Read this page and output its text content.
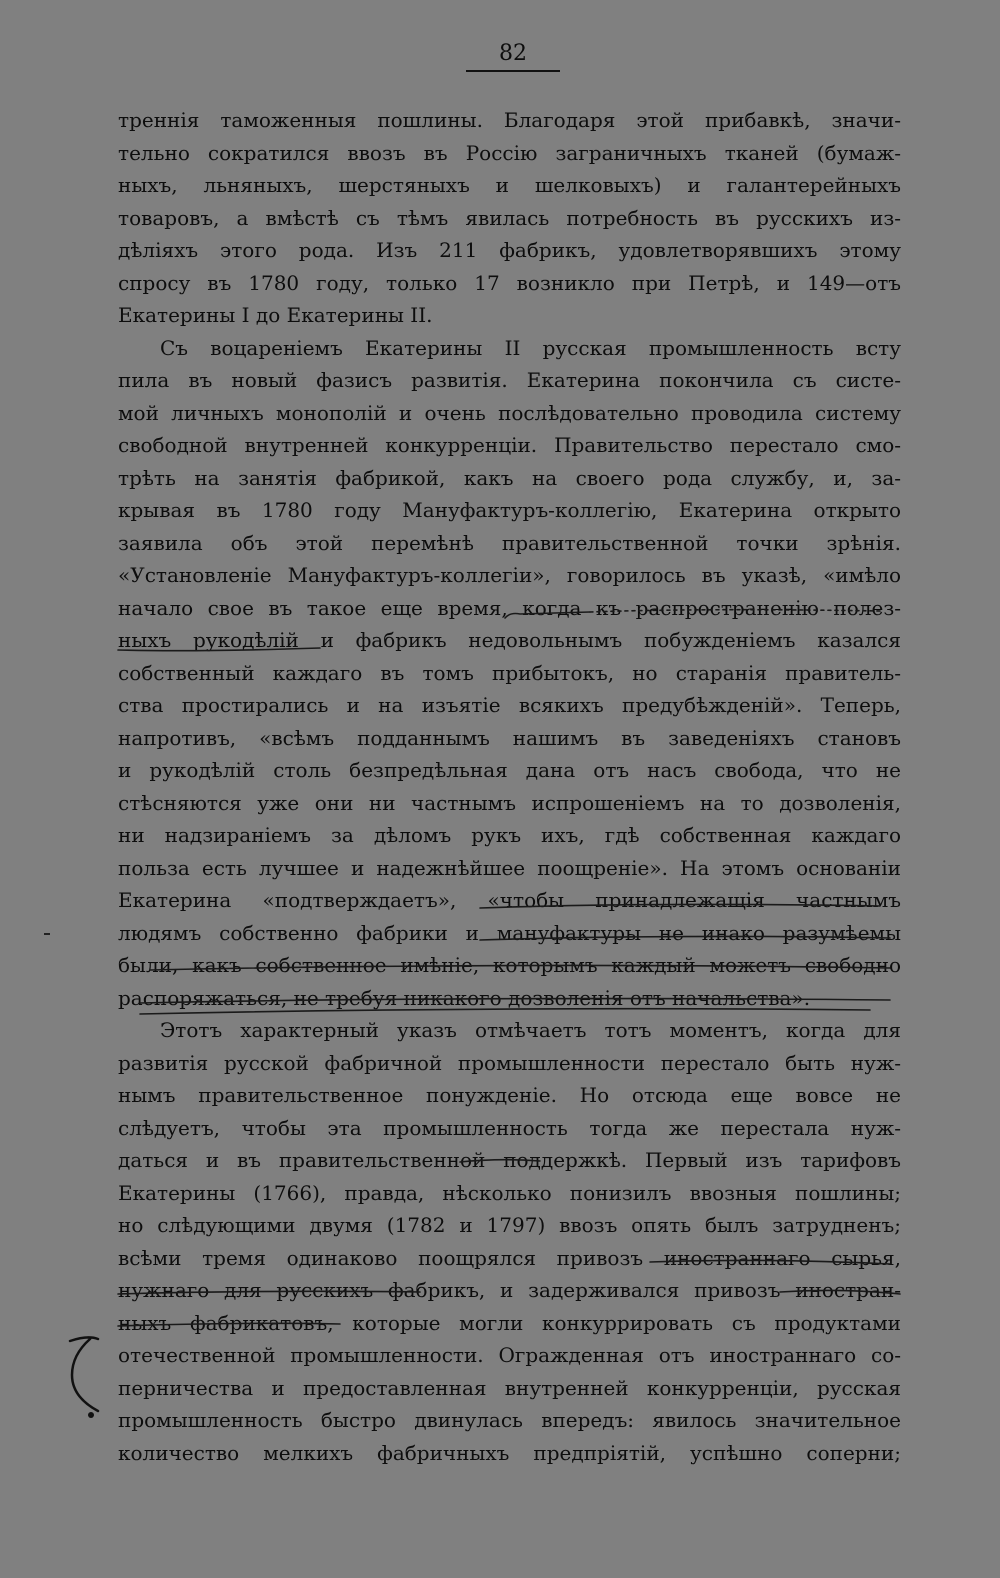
82
треннія таможенныя пошлины. Благодаря этой прибавкѣ, значи-
тельно сократился ввозъ въ Россію заграничныхъ тканей (бумаж-
ныхъ, льняныхъ, шерстяныхъ и шелковыхъ) и галантерейныхъ
товаровъ, а вмѣстѣ съ тѣмъ явилась потребность въ русскихъ из-
дѣліяхъ этого рода. Изъ 211 фабрикъ, удовлетворявшихъ этому
спросу въ 1780 году, только 17 возникло при Петрѣ, и 149—отъ
Екатерины I до Екатерины II.
Съ воцареніемъ Екатерины II русская промышленность всту
пила въ новый фазисъ развитія. Екатерина покончила съ систе-
мой личныхъ монополій и очень послѣдовательно проводила систему
свободной внутренней конкурренціи. Правительство перестало смо-
трѣть на занятія фабрикой, какъ на своего рода службу, и, за-
крывая въ 1780 году Мануфактуръ-коллегію, Екатерина открыто
заявила объ этой перемѣнѣ правительственной точки зрѣнія.
«Установленіе Мануфактуръ-коллегіи», говорилось въ указѣ, «имѣло
начало свое въ такое еще время, когда къ распространенію полез-
ныхъ рукодѣлій и фабрикъ недовольнымъ побужденіемъ казался
собственный каждаго въ томъ прибытокъ, но старанія правитель-
ства простирались и на изъятіе всякихъ предубѣжденій». Теперь,
напротивъ, «всѣмъ подданнымъ нашимъ въ заведеніяхъ становъ
и рукодѣлій столь безпредѣльная дана отъ насъ свобода, что не
стѣсняются уже они ни частнымъ испрошеніемъ на то дозволенія,
ни надзираніемъ за дѣломъ рукъ ихъ, гдѣ собственная каждаго
польза есть лучшее и надежнѣйшее поощреніе». На этомъ основаніи
Екатерина «подтверждаетъ», «чтобы принадлежащія частнымъ
людямъ собственно фабрики и мануфактуры не инако разумѣемы
были, какъ собственное имѣніе, которымъ каждый можетъ свободно
распоряжаться, не требуя никакого дозволенія отъ начальства».
Этотъ характерный указъ отмѣчаетъ тотъ моментъ, когда для
развитія русской фабричной промышленности перестало быть нуж-
нымъ правительственное понужденіе. Но отсюда еще вовсе не
слѣдуетъ, чтобы эта промышленность тогда же перестала нуж-
даться и въ правительственной поддержкѣ. Первый изъ тарифовъ
Екатерины (1766), правда, нѣсколько понизилъ ввозныя пошлины;
но слѣдующими двумя (1782 и 1797) ввозъ опять былъ затрудненъ;
всѣми тремя одинаково поощрялся привозъ иностраннаго сырья,
нужнаго для русскихъ фабрикъ, и задерживался привозъ иностран-
ныхъ фабрикатовъ, которые могли конкуррировать съ продуктами
отечественной промышленности. Огражденная отъ иностраннаго со-
перничества и предоставленная внутренней конкурренціи, русская
промышленность быстро двинулась впередъ: явилось значительное
количество мелкихъ фабричныхъ предпріятій, успѣшно соперни;
